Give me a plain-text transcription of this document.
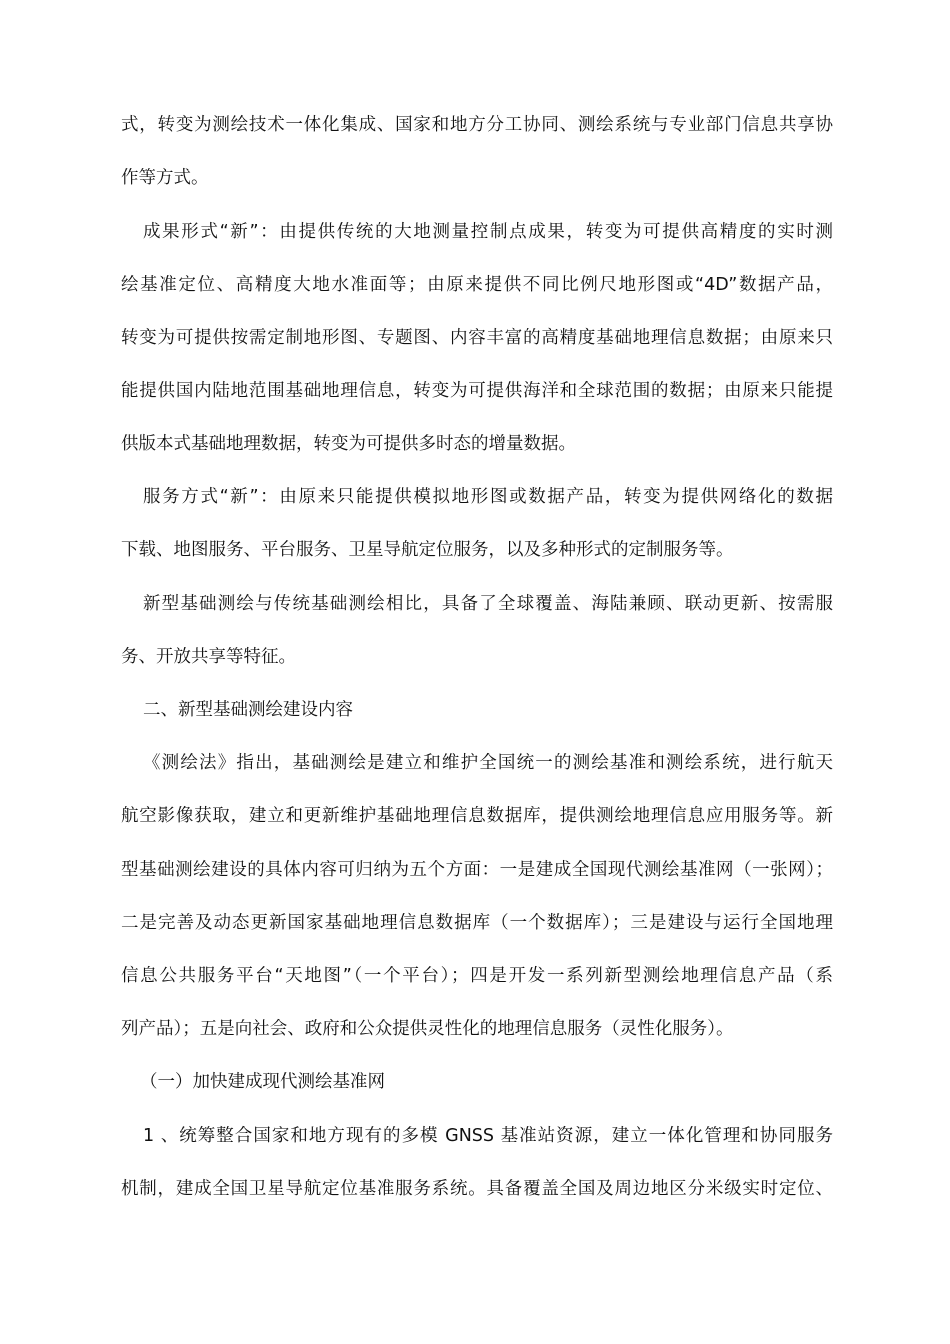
式，转变为测绘技术一体化集成、国家和地方分工协同、测绘系统与专业部门信息共享协
作等方式。
成果形式“新”：由提供传统的大地测量控制点成果，转变为可提供高精度的实时测
绘基准定位、高精度大地水准面等；由原来提供不同比例尺地形图或“4D”数据产品，
转变为可提供按需定制地形图、专题图、内容丰富的高精度基础地理信息数据；由原来只
能提供国内陆地范围基础地理信息，转变为可提供海洋和全球范围的数据；由原来只能提
供版本式基础地理数据，转变为可提供多时态的增量数据。
服务方式“新”：由原来只能提供模拟地形图或数据产品，转变为提供网络化的数据
下载、地图服务、平台服务、卫星导航定位服务，以及多种形式的定制服务等。
新型基础测绘与传统基础测绘相比，具备了全球覆盖、海陆兼顾、联动更新、按需服
务、开放共享等特征。
二、新型基础测绘建设内容
《测绘法》指出，基础测绘是建立和维护全国统一的测绘基准和测绘系统，进行航天
航空影像获取，建立和更新维护基础地理信息数据库，提供测绘地理信息应用服务等。新
型基础测绘建设的具体内容可归纳为五个方面：一是建成全国现代测绘基准网（一张网）；
二是完善及动态更新国家基础地理信息数据库（一个数据库）；三是建设与运行全国地理
信息公共服务平台“天地图”（一个平台）；四是开发一系列新型测绘地理信息产品（系
列产品）；五是向社会、政府和公众提供灵性化的地理信息服务（灵性化服务）。
（一）加快建成现代测绘基准网
1 、统筹整合国家和地方现有的多模 GNSS 基准站资源，建立一体化管理和协同服务
机制，建成全国卫星导航定位基准服务系统。具备覆盖全国及周边地区分米级实时定位、
